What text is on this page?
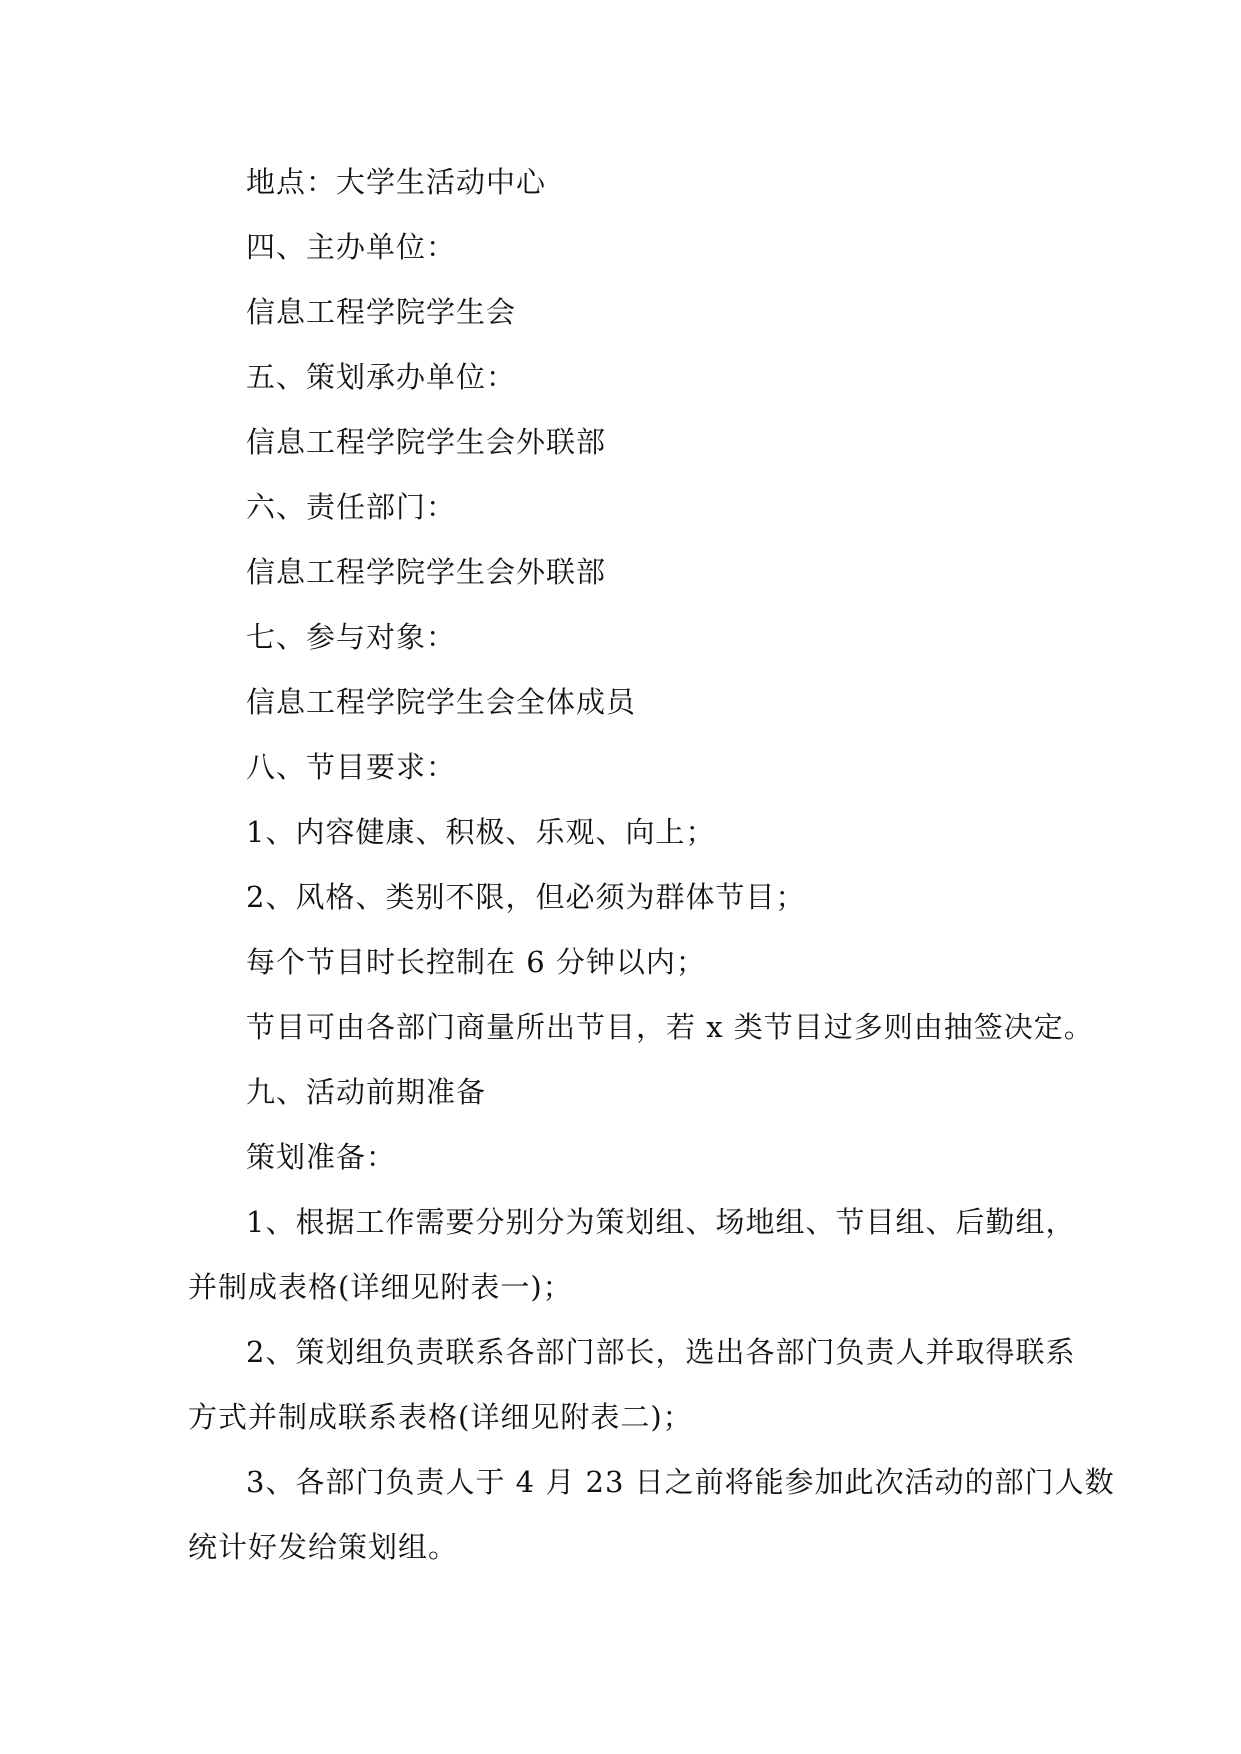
地点：大学生活动中心
四、主办单位：
信息工程学院学生会
五、策划承办单位：
信息工程学院学生会外联部
六、责任部门：
信息工程学院学生会外联部
七、参与对象：
信息工程学院学生会全体成员
八、节目要求：
1、内容健康、积极、乐观、向上；
2、风格、类别不限，但必须为群体节目；
每个节目时长控制在 6 分钟以内；
节目可由各部门商量所出节目，若 x 类节目过多则由抽签决定。
九、活动前期准备
策划准备：
1、根据工作需要分别分为策划组、场地组、节目组、后勤组，
并制成表格(详细见附表一)；
2、策划组负责联系各部门部长，选出各部门负责人并取得联系
方式并制成联系表格(详细见附表二)；
3、各部门负责人于 4 月 23 日之前将能参加此次活动的部门人数
统计好发给策划组。
